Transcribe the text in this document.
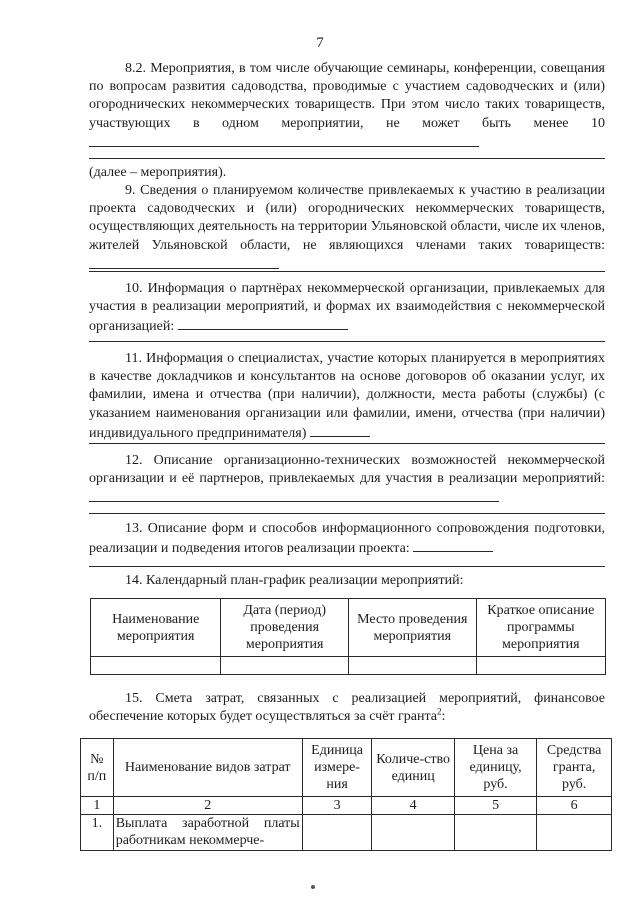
7

8.2. Мероприятия, в том числе обучающие семинары, конференции, совещания по вопросам развития садоводства, проводимые с участием садоводческих и (или) огороднических некоммерческих товариществ. При этом число таких товариществ, участвующих в одном мероприятии, не может быть менее 10

(далее – мероприятия).

9. Сведения о планируемом количестве привлекаемых к участию в реализации проекта садоводческих и (или) огороднических некоммерческих товариществ, осуществляющих деятельность на территории Ульяновской области, числе их членов, жителей Ульяновской области, не являющихся членами таких товариществ:

10. Информация о партнёрах некоммерческой организации, привлекаемых для участия в реализации мероприятий, и формах их взаимодействия с некоммерческой организацией:

11. Информация о специалистах, участие которых планируется в мероприятиях в качестве докладчиков и консультантов на основе договоров об оказании услуг, их фамилии, имена и отчества (при наличии), должности, места работы (службы) (с указанием наименования организации или фамилии, имени, отчества (при наличии) индивидуального предпринимателя)

12. Описание организационно-технических возможностей некоммерческой организации и её партнеров, привлекаемых для участия в реализации мероприятий:

13. Описание форм и способов информационного сопровождения подготовки, реализации и подведения итогов реализации проекта:

14. Календарный план-график реализации мероприятий:

Наименование мероприятия	Дата (период) проведения мероприятия	Место проведения мероприятия	Краткое описание программы мероприятия

15. Смета затрат, связанных с реализацией мероприятий, финансовое обеспечение которых будет осуществляться за счёт гранта$^2$:

№ п/п	Наименование видов затрат	Единица измере-ния	Количе-ство единиц	Цена за единицу, руб.	Средства гранта, руб.
1	2	3	4	5	6
1.	Выплата заработной платы работникам некоммерче-				
